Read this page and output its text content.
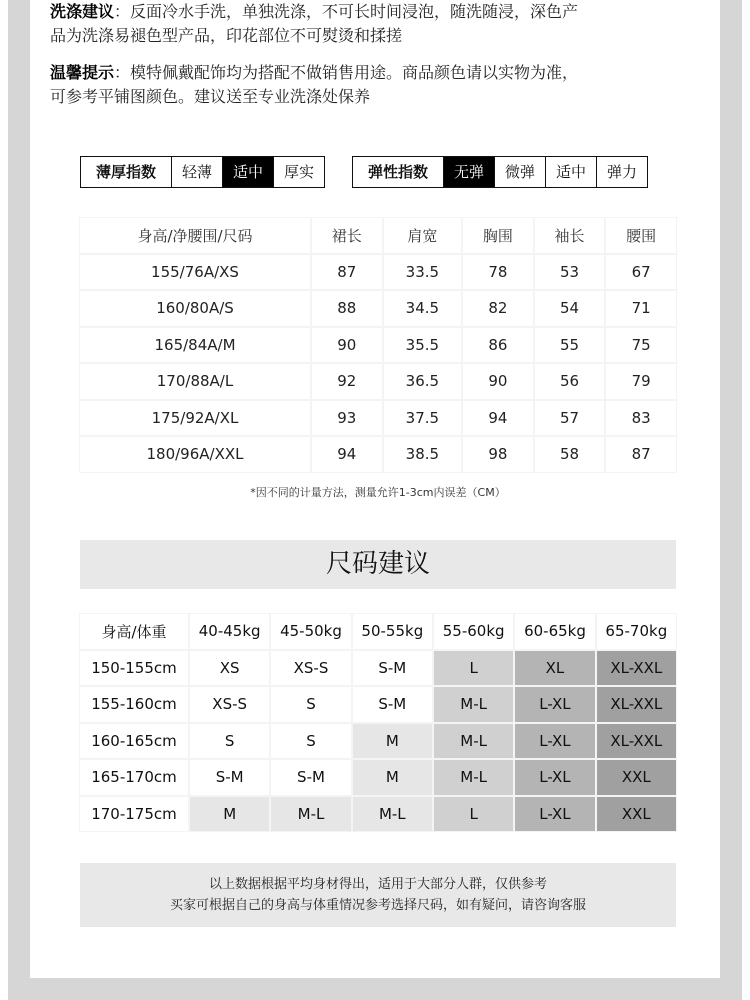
洗涤建议：反面冷水手洗，单独洗涤，不可长时间浸泡，随洗随浸，深色产
品为洗涤易褪色型产品，印花部位不可熨烫和揉搓
温馨提示：模特佩戴配饰均为搭配不做销售用途。商品颜色请以实物为准，
可参考平铺图颜色。建议送至专业洗涤处保养
薄厚指数	轻薄	适中	厚实	弹性指数	无弹	微弹	适中	弹力
身高/净腰围/尺码	裙长	肩宽	胸围	袖长	腰围
155/76A/XS	87	33.5	78	53	67
160/80A/S	88	34.5	82	54	71
165/84A/M	90	35.5	86	55	75
170/88A/L	92	36.5	90	56	79
175/92A/XL	93	37.5	94	57	83
180/96A/XXL	94	38.5	98	58	87
*因不同的计量方法，测量允许1-3cm内误差（CM）
尺码建议
身高/体重	40-45kg	45-50kg	50-55kg	55-60kg	60-65kg	65-70kg
150-155cm	XS	XS-S	S-M	L	XL	XL-XXL
155-160cm	XS-S	S	S-M	M-L	L-XL	XL-XXL
160-165cm	S	S	M	M-L	L-XL	XL-XXL
165-170cm	S-M	S-M	M	M-L	L-XL	XXL
170-175cm	M	M-L	M-L	L	L-XL	XXL
以上数据根据平均身材得出，适用于大部分人群，仅供参考
买家可根据自己的身高与体重情况参考选择尺码，如有疑问，请咨询客服
